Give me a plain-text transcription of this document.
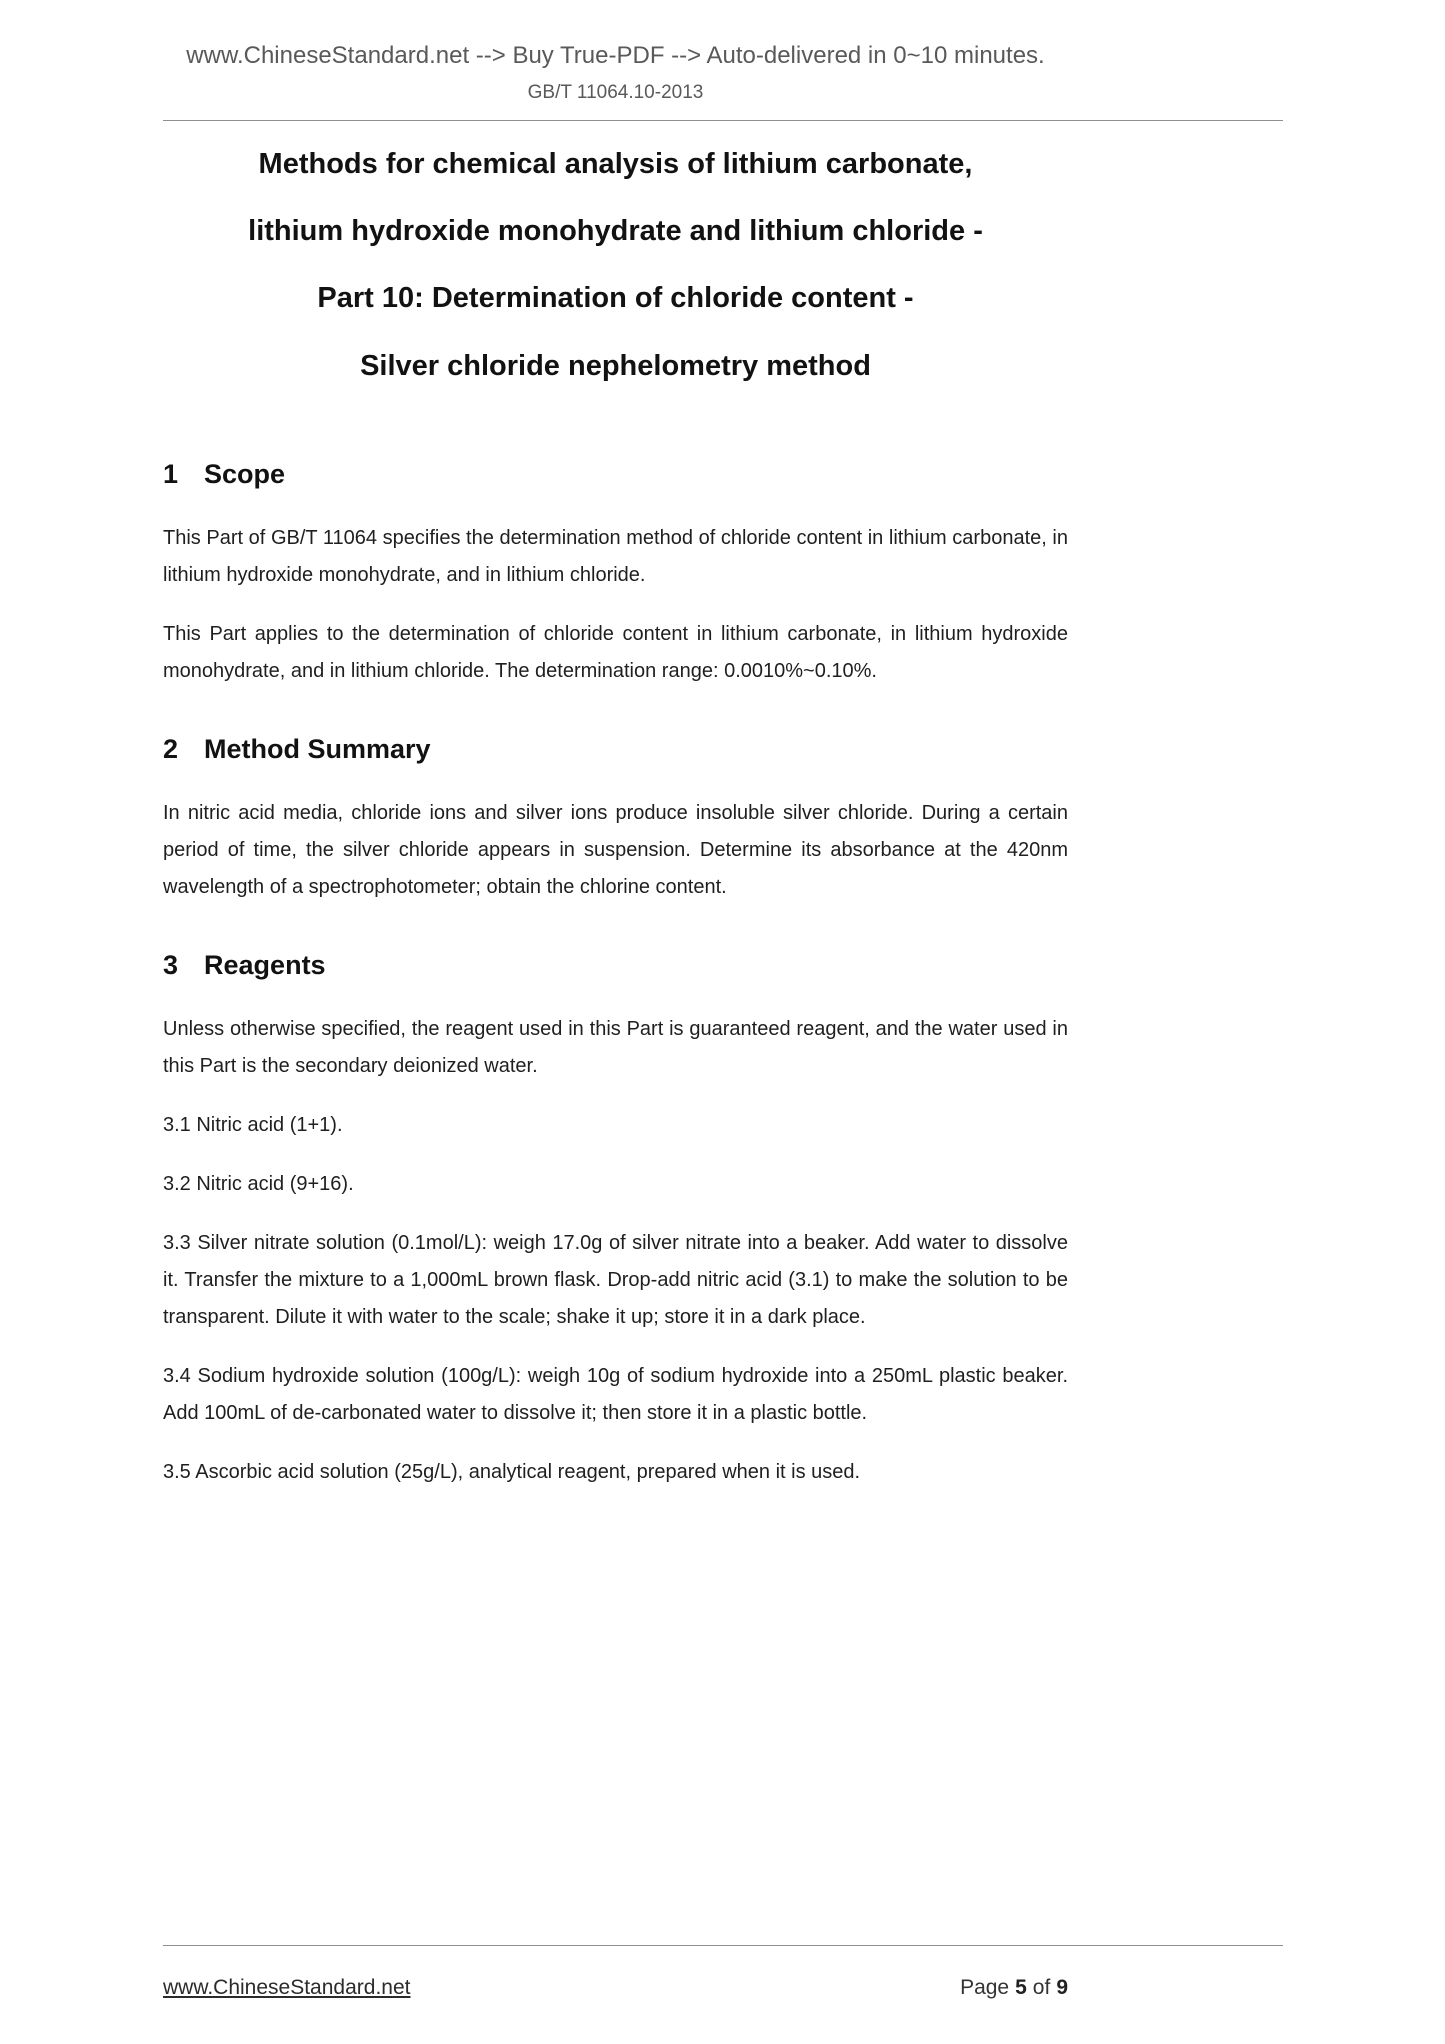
www.ChineseStandard.net --> Buy True-PDF --> Auto-delivered in 0~10 minutes.
GB/T 11064.10-2013
Methods for chemical analysis of lithium carbonate,
lithium hydroxide monohydrate and lithium chloride -
Part 10: Determination of chloride content -
Silver chloride nephelometry method
1 Scope

This Part of GB/T 11064 specifies the determination method of chloride content in lithium carbonate, in lithium hydroxide monohydrate, and in lithium chloride.

This Part applies to the determination of chloride content in lithium carbonate, in lithium hydroxide monohydrate, and in lithium chloride. The determination range: 0.0010%~0.10%.

2 Method Summary

In nitric acid media, chloride ions and silver ions produce insoluble silver chloride. During a certain period of time, the silver chloride appears in suspension. Determine its absorbance at the 420nm wavelength of a spectrophotometer; obtain the chlorine content.

3 Reagents

Unless otherwise specified, the reagent used in this Part is guaranteed reagent, and the water used in this Part is the secondary deionized water.

3.1 Nitric acid (1+1).

3.2 Nitric acid (9+16).

3.3 Silver nitrate solution (0.1mol/L): weigh 17.0g of silver nitrate into a beaker. Add water to dissolve it. Transfer the mixture to a 1,000mL brown flask. Drop-add nitric acid (3.1) to make the solution to be transparent. Dilute it with water to the scale; shake it up; store it in a dark place.

3.4 Sodium hydroxide solution (100g/L): weigh 10g of sodium hydroxide into a 250mL plastic beaker. Add 100mL of de-carbonated water to dissolve it; then store it in a plastic bottle.

3.5 Ascorbic acid solution (25g/L), analytical reagent, prepared when it is used.

www.ChineseStandard.net	Page 5 of 9
